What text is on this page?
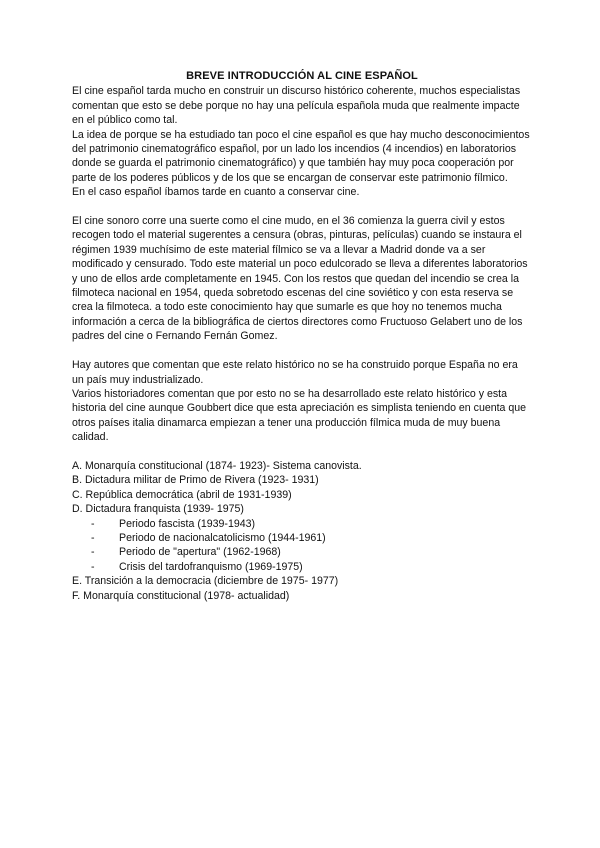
BREVE INTRODUCCIÓN AL CINE ESPAÑOL

El cine español tarda mucho en construir un discurso histórico coherente, muchos especialistas comentan que esto se debe porque no hay una película española muda que realmente impacte en el público como tal.

La idea de porque se ha estudiado tan poco el cine español es que hay mucho desconocimientos del patrimonio cinematográfico español, por un lado los incendios (4 incendios) en laboratorios donde se guarda el patrimonio cinematográfico) y que también hay muy poca cooperación por parte de los poderes públicos y de los que se encargan de conservar este patrimonio fílmico.

En el caso español íbamos tarde en cuanto a conservar cine.

El cine sonoro corre una suerte como el cine mudo, en el 36 comienza la guerra civil y estos recogen todo el material sugerentes a censura (obras, pinturas, películas) cuando se instaura el régimen 1939 muchísimo de este material fílmico se va a llevar a Madrid donde va a ser modificado y censurado. Todo este material un poco edulcorado se lleva a diferentes laboratorios y uno de ellos arde completamente en 1945. Con los restos que quedan del incendio se crea la filmoteca nacional en 1954, queda sobretodo escenas del cine soviético y con esta reserva se crea la filmoteca. a todo este conocimiento hay que sumarle es que hoy no tenemos mucha información a cerca de la bibliográfica de ciertos directores como Fructuoso Gelabert uno de los padres del cine o Fernando Fernán Gomez.

Hay autores que comentan que este relato histórico no se ha construido porque España no era un país muy industrializado.

Varios historiadores comentan que por esto no se ha desarrollado este relato histórico y esta historia del cine aunque Goubbert dice que esta apreciación es simplista teniendo en cuenta que otros países italia dinamarca empiezan a tener una producción fílmica muda de muy buena calidad.

A. Monarquía constitucional (1874- 1923)- Sistema canovista.
B. Dictadura militar de Primo de Rivera (1923- 1931)
C. República democrática (abril de 1931-1939)
D. Dictadura franquista (1939- 1975)
- Periodo fascista (1939-1943)
- Periodo de nacionalcatolicismo (1944-1961)
- Periodo de "apertura" (1962-1968)
- Crisis del tardofranquismo (1969-1975)
E. Transición a la democracia (diciembre de 1975- 1977)
F. Monarquía constitucional (1978- actualidad)
